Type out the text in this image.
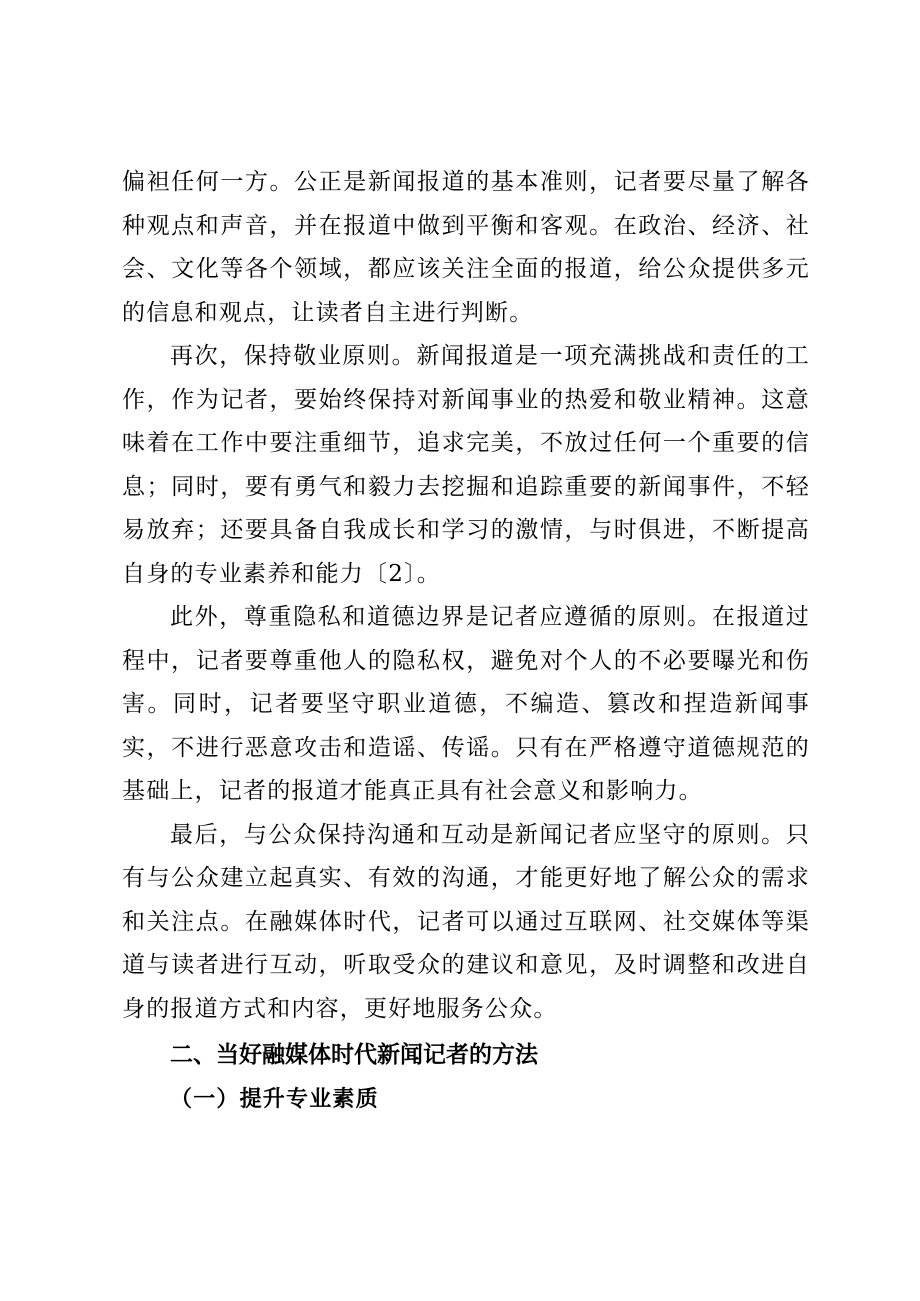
偏袒任何一方。公正是新闻报道的基本准则，记者要尽量了解各种观点和声音，并在报道中做到平衡和客观。在政治、经济、社会、文化等各个领域，都应该关注全面的报道，给公众提供多元的信息和观点，让读者自主进行判断。

再次，保持敬业原则。新闻报道是一项充满挑战和责任的工作，作为记者，要始终保持对新闻事业的热爱和敬业精神。这意味着在工作中要注重细节，追求完美，不放过任何一个重要的信息；同时，要有勇气和毅力去挖掘和追踪重要的新闻事件，不轻易放弃；还要具备自我成长和学习的激情，与时俱进，不断提高自身的专业素养和能力〔2〕。

此外，尊重隐私和道德边界是记者应遵循的原则。在报道过程中，记者要尊重他人的隐私权，避免对个人的不必要曝光和伤害。同时，记者要坚守职业道德，不编造、篡改和捏造新闻事实，不进行恶意攻击和造谣、传谣。只有在严格遵守道德规范的基础上，记者的报道才能真正具有社会意义和影响力。

最后，与公众保持沟通和互动是新闻记者应坚守的原则。只有与公众建立起真实、有效的沟通，才能更好地了解公众的需求和关注点。在融媒体时代，记者可以通过互联网、社交媒体等渠道与读者进行互动，听取受众的建议和意见，及时调整和改进自身的报道方式和内容，更好地服务公众。

二、当好融媒体时代新闻记者的方法
（一）提升专业素质
